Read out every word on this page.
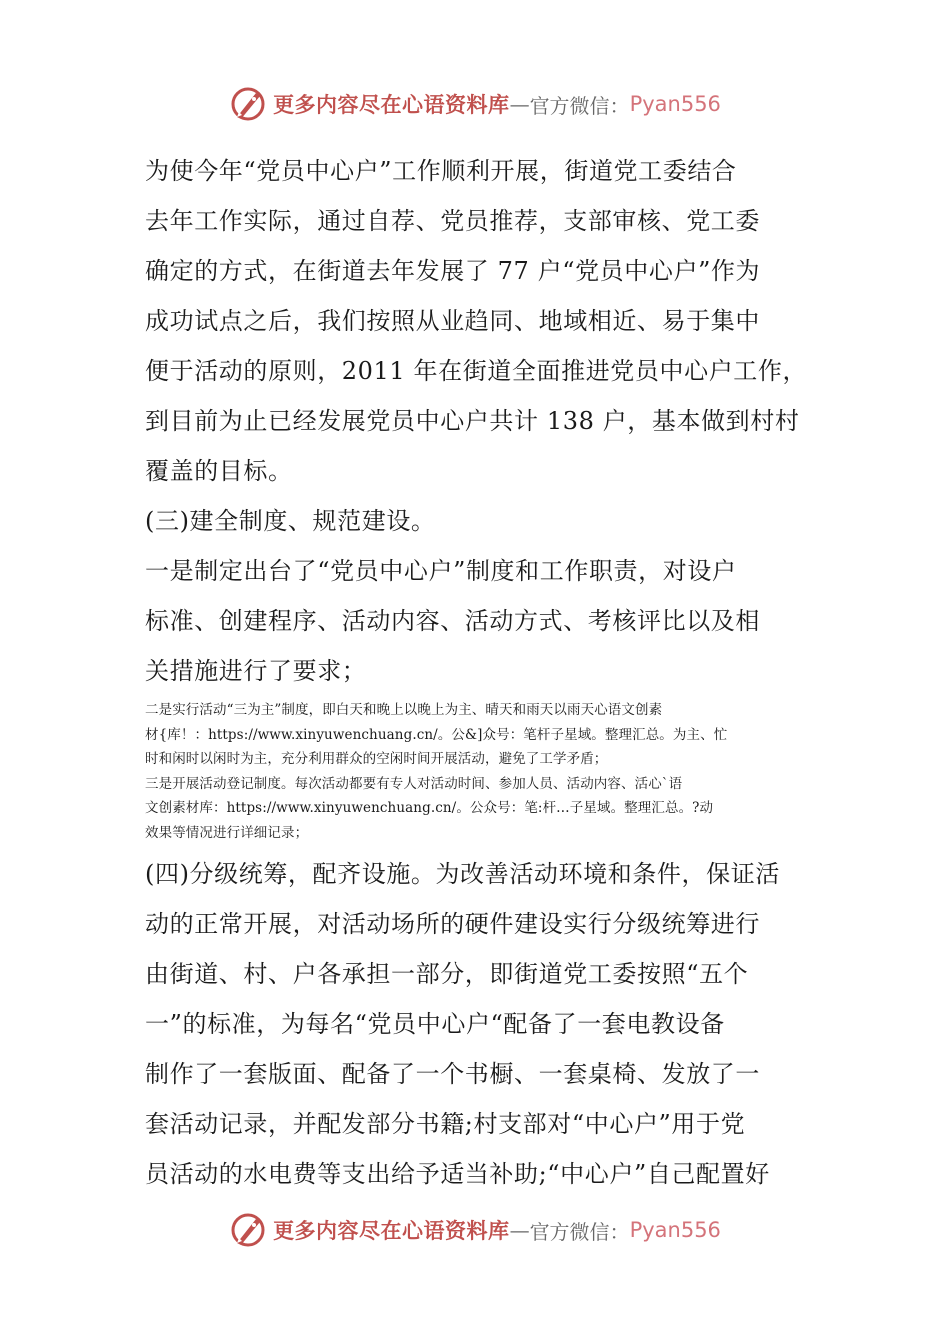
更多内容尽在心语资料库 — 官方微信： Pyan556

为使今年“党员中心户”工作顺利开展，街道党工委结合

去年工作实际，通过自荐、党员推荐，支部审核、党工委

确定的方式，在街道去年发展了 77 户“党员中心户”作为

成功试点之后，我们按照从业趋同、地域相近、易于集中

便于活动的原则，2011 年在街道全面推进党员中心户工作，

到目前为止已经发展党员中心户共计 138 户，基本做到村村

覆盖的目标。

(三)建全制度、规范建设。

一是制定出台了“党员中心户”制度和工作职责，对设户

标准、创建程序、活动内容、活动方式、考核评比以及相

关措施进行了要求；

二是实行活动“三为主”制度，即白天和晚上以晚上为主、晴天和雨天以雨天心语文创素

材{库！：https://www.xinyuwenchuang.cn/。公&]众号：笔杆子星域。整理汇总。为主、忙

时和闲时以闲时为主，充分利用群众的空闲时间开展活动，避免了工学矛盾；

三是开展活动登记制度。每次活动都要有专人对活动时间、参加人员、活动内容、活心`语

文创素材库：https://www.xinyuwenchuang.cn/。公众号：笔:杆…子星域。整理汇总。?动

效果等情况进行详细记录；

(四)分级统筹，配齐设施。为改善活动环境和条件，保证活

动的正常开展，对活动场所的硬件建设实行分级统筹进行

由街道、村、户各承担一部分，即街道党工委按照“五个

一”的标准，为每名“党员中心户“配备了一套电教设备

制作了一套版面、配备了一个书橱、一套桌椅、发放了一

套活动记录，并配发部分书籍;村支部对“中心户”用于党

员活动的水电费等支出给予适当补助;“中心户”自己配置好

更多内容尽在心语资料库 — 官方微信： Pyan556
